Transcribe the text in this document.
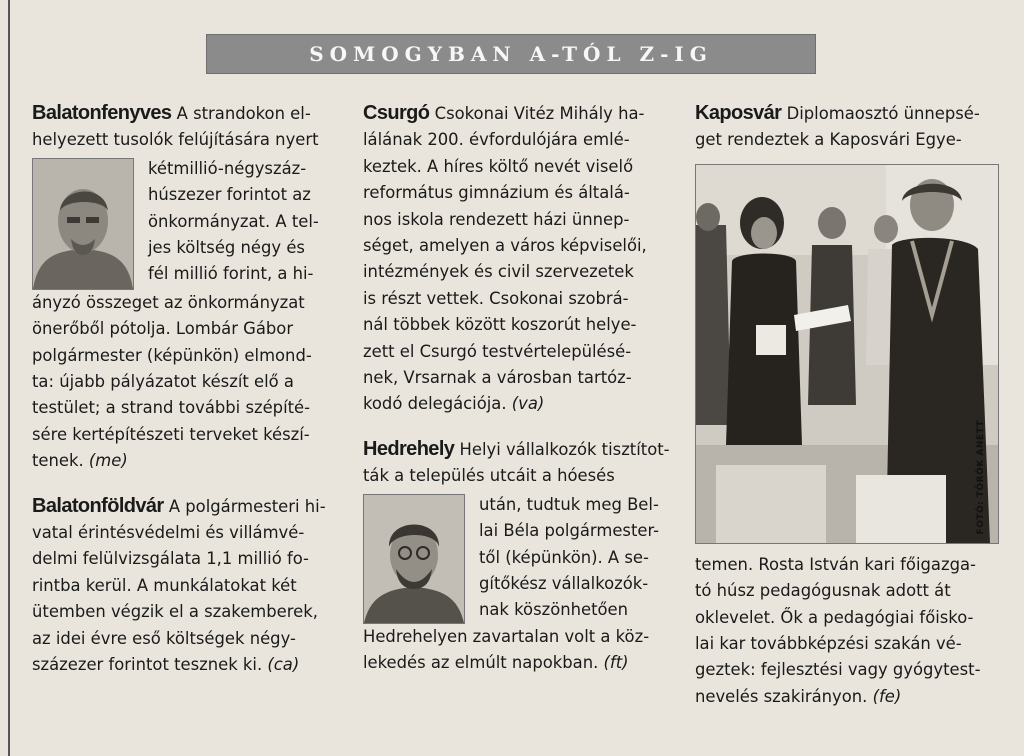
SOMOGYBAN A-TÓL Z-IG

Balatonfenyves A strandokon el-

helyezett tusolók felújítására nyert

kétmillió-négyszáz-

húszezer forintot az

önkormányzat. A tel-

jes költség négy és

fél millió forint, a hi-

ányzó összeget az önkormányzat

önerőből pótolja. Lombár Gábor

polgármester (képünkön) elmond-

ta: újabb pályázatot készít elő a

testület; a strand további szépíté-

sére kertépítészeti terveket készí-

tenek. (me)

Balatonföldvár A polgármesteri hi-

vatal érintésvédelmi és villámvé-

delmi felülvizsgálata 1,1 millió fo-

rintba kerül. A munkálatokat két

ütemben végzik el a szakemberek,

az idei évre eső költségek négy-

százezer forintot tesznek ki. (ca)

Csurgó Csokonai Vitéz Mihály ha-

lálának 200. évfordulójára emlé-

keztek. A híres költő nevét viselő

református gimnázium és általá-

nos iskola rendezett házi ünnep-

séget, amelyen a város képviselői,

intézmények és civil szervezetek

is részt vettek. Csokonai szobrá-

nál többek között koszorút helye-

zett el Csurgó testvértelepülésé-

nek, Vrsarnak a városban tartóz-

kodó delegációja. (va)

Hedrehely Helyi vállalkozók tisztítot-

ták a település utcáit a hóesés

után, tudtuk meg Bel-

lai Béla polgármester-

től (képünkön). A se-

gítőkész vállalkozók-

nak köszönhetően

Hedrehelyen zavartalan volt a köz-

lekedés az elmúlt napokban. (ft)

Kaposvár Diplomaosztó ünnepsé-

get rendeztek a Kaposvári Egye-

FOTÓ: TÖRÖK ANETT

temen. Rosta István kari főigazga-

tó húsz pedagógusnak adott át

oklevelet. Ők a pedagógiai főisko-

lai kar továbbképzési szakán vé-

geztek: fejlesztési vagy gyógytest-

nevelés szakirányon. (fe)
